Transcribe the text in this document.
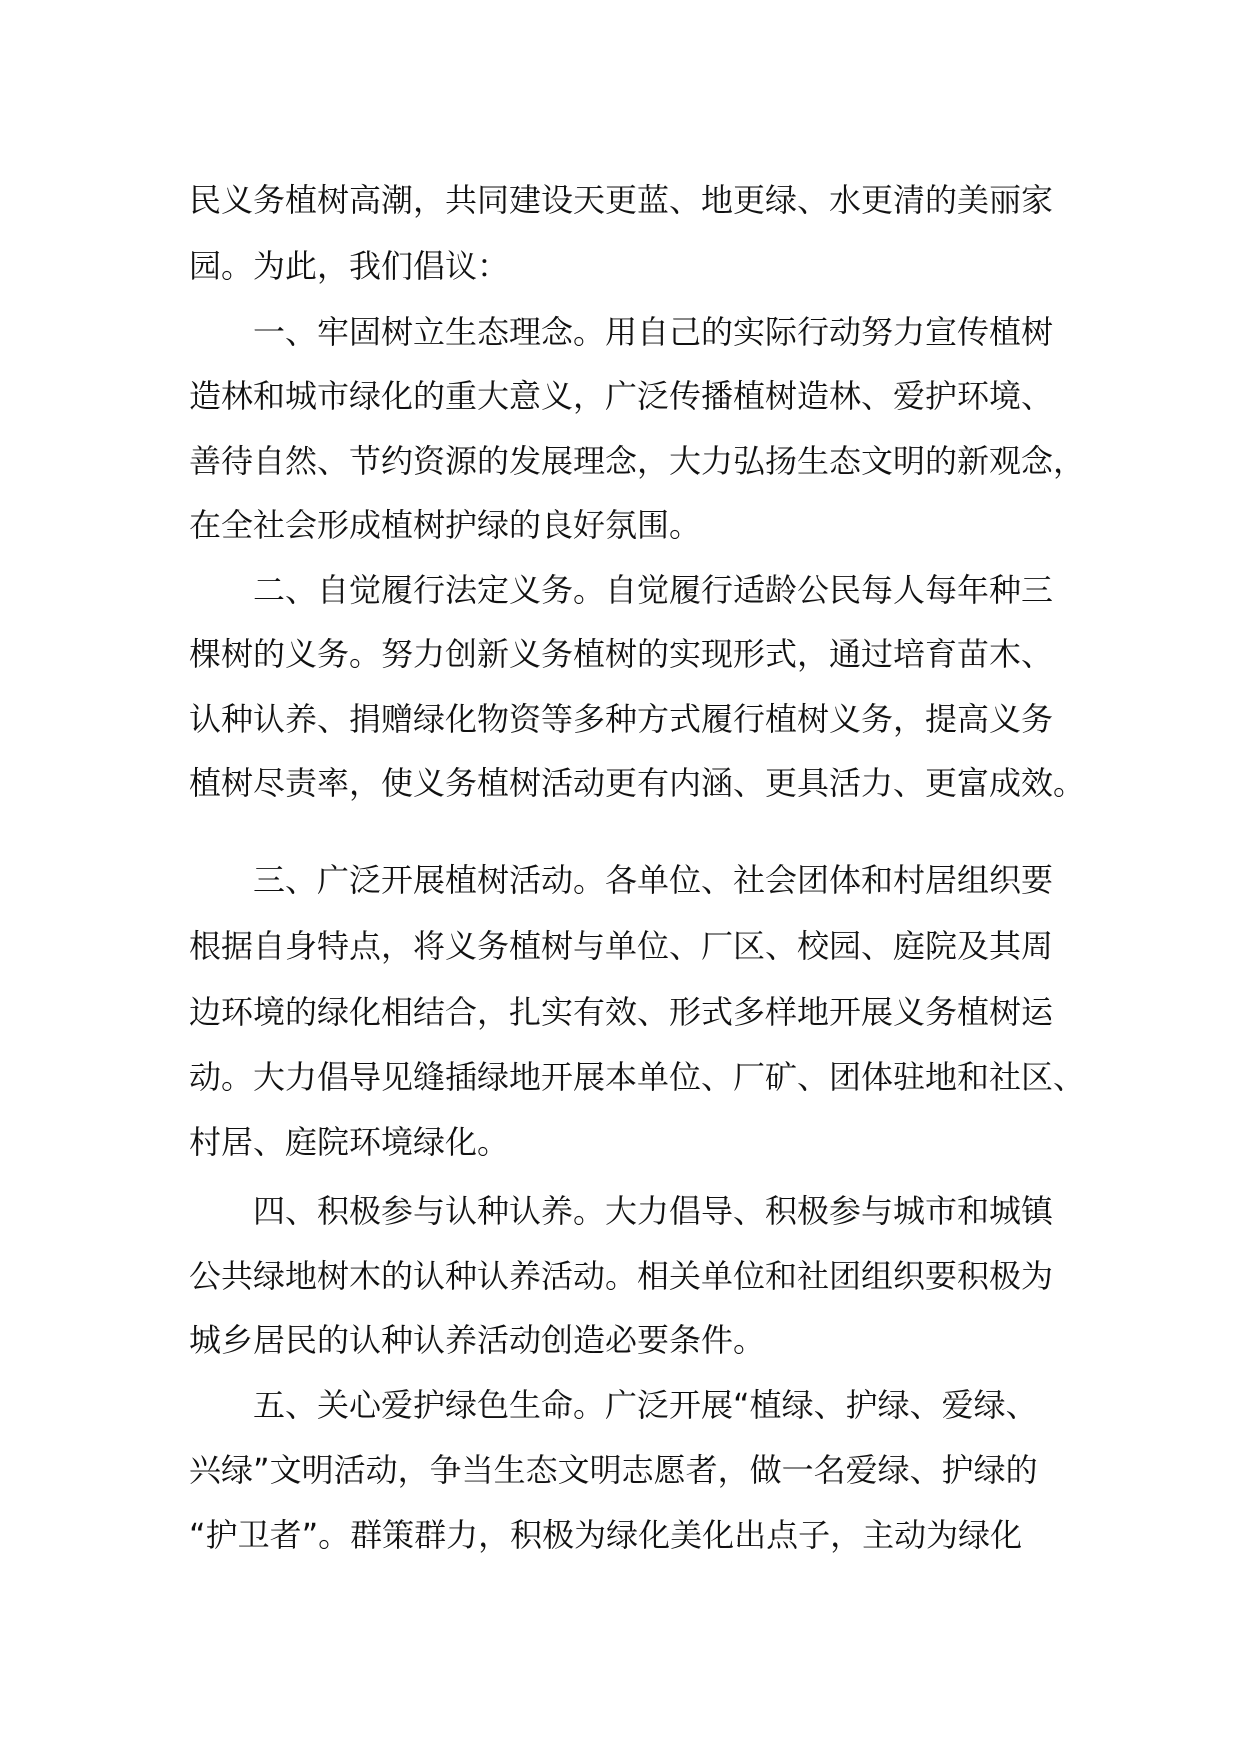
民义务植树高潮，共同建设天更蓝、地更绿、水更清的美丽家
园。为此，我们倡议：
一、牢固树立生态理念。用自己的实际行动努力宣传植树
造林和城市绿化的重大意义，广泛传播植树造林、爱护环境、
善待自然、节约资源的发展理念，大力弘扬生态文明的新观念，
在全社会形成植树护绿的良好氛围。
二、自觉履行法定义务。自觉履行适龄公民每人每年种三
棵树的义务。努力创新义务植树的实现形式，通过培育苗木、
认种认养、捐赠绿化物资等多种方式履行植树义务，提高义务
植树尽责率，使义务植树活动更有内涵、更具活力、更富成效。
三、广泛开展植树活动。各单位、社会团体和村居组织要
根据自身特点，将义务植树与单位、厂区、校园、庭院及其周
边环境的绿化相结合，扎实有效、形式多样地开展义务植树运
动。大力倡导见缝插绿地开展本单位、厂矿、团体驻地和社区、
村居、庭院环境绿化。
四、积极参与认种认养。大力倡导、积极参与城市和城镇
公共绿地树木的认种认养活动。相关单位和社团组织要积极为
城乡居民的认种认养活动创造必要条件。
五、关心爱护绿色生命。广泛开展“植绿、护绿、爱绿、
兴绿”文明活动，争当生态文明志愿者，做一名爱绿、护绿的
“护卫者”。群策群力，积极为绿化美化出点子，主动为绿化
